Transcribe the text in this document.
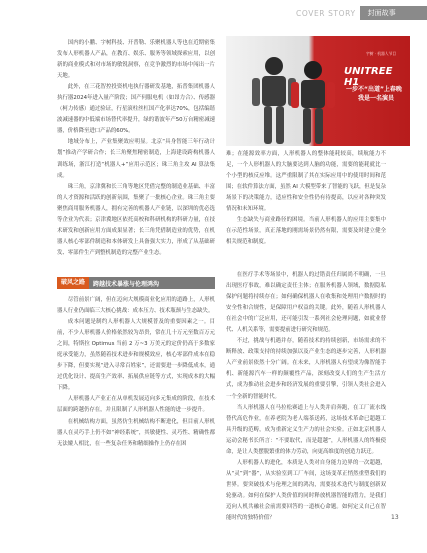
COVER STORY	封面故事

国内的小鹏、宇树科技、开普勒、乐聚机器人等也在近期密集发布人形机器人产品，在教育、娱乐、服务等领域探索应用，以创新的商业模式和对市场的敏锐洞察，在竞争激烈的市场中闯出一片天地。

此外，在三花智控投资机电执行器研发基地，拓普集团机器人执行器2024年进入量产阶段；国产伺服电机（如昂力合）、传感器（柯力传感）通过验证，行星滚柱丝杠国产化率达70%，包括编谐波减速器的中低端市场替代率提升，绿的谐波年产50万台精密减速器，价格降至进口产品的60%。

地域分布上，产业集聚效应明显。北京“具身智能三年行动计划”推动产学研合作；长三角聚焦精密制造，上海建设跨构机器人训练场，浙江打造“机器人+”应用示范区；珠三角主攻 AI 算法集成。

珠三角，京津冀和长三角等地区凭借完整的制造业基础、丰富的人才资源和活跃的创新氛围，集聚了一批核心企业。珠三角主要聚焦商用服务机器人，拥有完善的机器人产业链，以深圳的优必选等企业为代表；京津冀地区依托高校和科研机构的科研力量，在技术研发和创新应用方面成果显著；长三角凭借制造业的优势，在机器人核心零部件制造和本体研发上具备强大实力，形成了从基础研发、零部件生产到整机制造的完整产业生态。

破风之路	跨越技术暴涨与伦理鸿沟

尽管前景广阔，但在迈向大规模商业化应用的道路上，人形机器人行业仍面临三大核心挑战：成本压力、技术瓶颈与生态缺失。

成本问题是制约人形机器人大规模普及的重要因素之一。目前，不少人形机器人价格依然较为昂贵，常在几十万元至数百万元之间，特斯拉 Optimus 当前 2 万~3 万美元的定价仍高于多数家庭承受能力，虽然随着技术进步和规模效应，核心零部件成本在稳步下降，但要实现“进入寻常百姓家”，还需要进一步降低成本，通过优化设计、提高生产效率、拓展供应链等方式，实现成本的大幅下降。

人形机器人产业正在从单机发展迈向多元集成的阶段，在技术层面的跨越仍存在，并且限制了人形机器人性能的进一步提升。

在机械结构方面，虽然仿生机械结构不断进化，但目前人形机器人在灵巧手上仍不如“神经系统”，其敏捷性、灵巧性、精确性都无法媲人相比，在一些复杂任务和精细操作上仍存在困

宇树 · 机器人节目
UNITREE H1
一步不“出道”上春晚
我是一名演员

难；在能源效率方面，人形机器人的整体能耗较高，续航能力不足，一个人形机器人的大脑要达到人脑的功能，需要的能耗就比一个小型的核反应堆。这严重限制了其在实际应用中的使用时间和范围；在软件算法方面，虽然 AI 大模型带来了智能的飞跃，但是复杂场景下的决策能力，适应性和安全性仍有待提高，以应对各种突发情况和未知环境。

生态缺失与商业路径的困境。当前人形机器人的应用主要集中在示范性场景，真正落地的刚需场景仍然有限，需要及时建立健全相关规范和制度。

在医疗手术等场景中，机器人的过错责任归属尚不明确，一旦出现医疗事故，难以确定责任主体；在服务机器人领域，数据隐私保护问题将持续存在；如何确保机器人在收集和处理用户数据时的安全性和合规性，是保障用户权益的关键。此外，随着人形机器人在社会中的广泛应用，还可能引发一系列社会伦理问题，如就业替代、人机关系等，需要提前进行研究和规范。

不过，挑战与机遇并存，随着技术的持续创新，市场需求的不断释放、政策支持的持续加强以及产业生态的逐步完善，人形机器人产业前景依然十分广阔。在未来，人形机器人有望成为像智能手机、新能源汽车一样的颠覆性产品，深刻改变人们的生产生活方式，成为推动社会进步和经济发展的重要引擎，引领人类社会进入一个全新的智能时代。

当人形机器人在马拉松赛道上与人类并肩奔跑，在工厂流水线替代高危作业，在养老院为老人端茶送药，这场技术革命已超越工具升级的范畴，成为重新定义生产力的社会实验。正如北京机器人运动会秘书长所言：“不要取代，而是超越”，人形机器人的终极使命，是让人类摆脱繁重的体力劳动，向更高维度的创造力跃迁。

人形机器人的进化，本质是人类对自身能力边界的一次超越，从“灵”到“器”，从实验室到工厂车间，这场变革正悄然重塑我们的世界。要突破技术与伦理之间的鸿沟，需要技术迭代与制度创新双轮驱动。如何在保护人类价值的同时释放机器智能的潜力，是我们迈向人机共融社会前需要回答的一道核心命题。如何定义自己在智能时代的独特价值？	13
